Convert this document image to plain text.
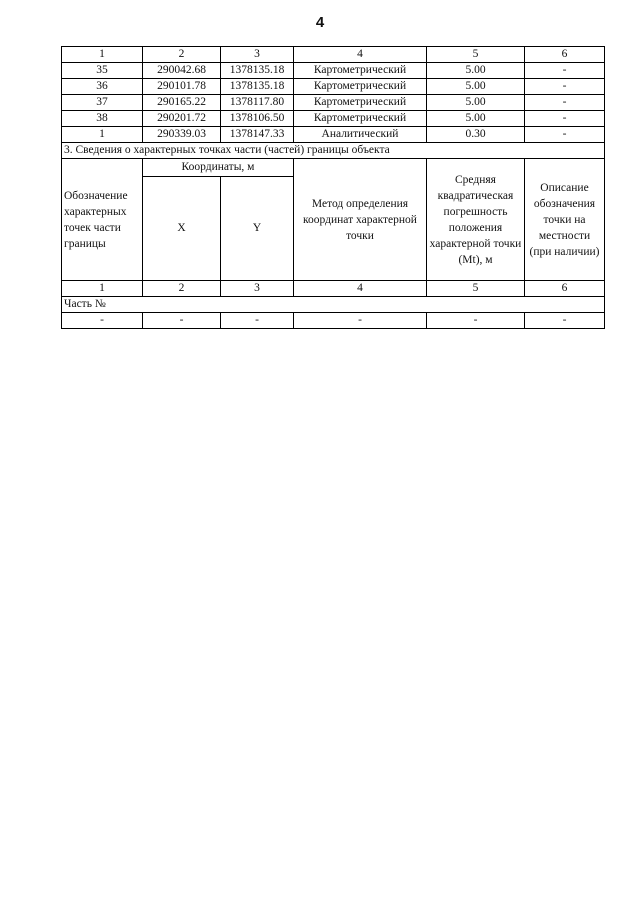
4
1	2	3	4	5	6
35	290042.68	1378135.18	Картометрический	5.00	-
36	290101.78	1378135.18	Картометрический	5.00	-
37	290165.22	1378117.80	Картометрический	5.00	-
38	290201.72	1378106.50	Картометрический	5.00	-
1	290339.03	1378147.33	Аналитический	0.30	-
3. Сведения о характерных точках части (частей) границы объекта					

Обозначение
характерных
точек части
границы	Координаты, м		Метод определения координат характерной точки	Средняя квадратическая погрешность положения характерной точки (Mt), м	Описание обозначения точки на местности (при наличии)
	X	Y			
1	2	3	4	5	6
Часть №					
-	-	-	-	-	-
